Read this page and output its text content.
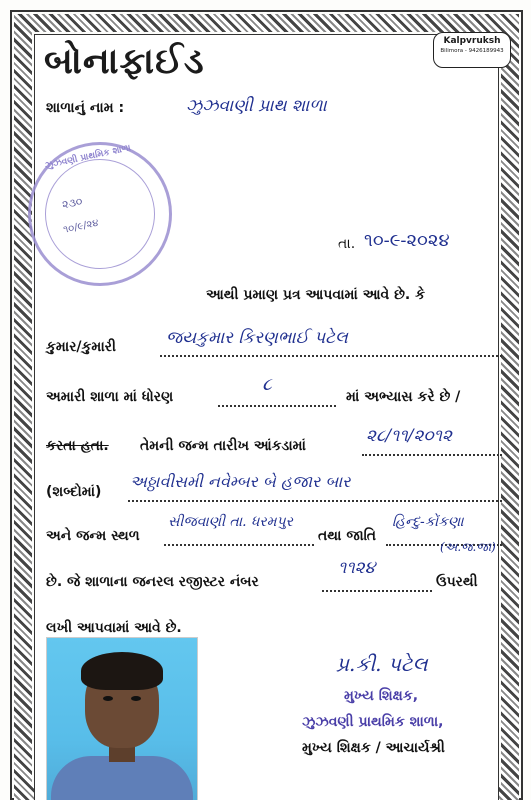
બોનાફાઈડ	Kalpvruksh
Bilimora - 9426189943
શાળાનું નામ :	ઝુઝવાણી પ્રાથ શાળા
ઝુઝવણી પ્રાથમિક શાળા
૨૩૦
૧૦/૯/૨૪
તા. ૧૦-૯-૨૦૨૪
આથી પ્રમાણ પ્રત્ર આપવામાં આવે છે. કે
કુમાર/કુમારી	જયકુમાર કિરણભાઈ પટેલ
અમારી શાળા માં ધોરણ
૮
માં અભ્યાસ કરે છે /
કરતા હતા. તેમની જન્મ તારીખ આંકડામાં	૨૮/૧૧/૨૦૧૨
(શબ્દોમાં)
અઠ્ઠાવીસમી નવેમ્બર બે હજાર બાર
અને જન્મ સ્થળ
સીજવાણી તા. ધરમપુર
તથા જાતિ
હિન્દુ-કોંકણા
(અ.જ.જા)
છે. જે શાળાના જનરલ રજીસ્ટર નંબર
૧૧૨૪
ઉપરથી
લખી આપવામાં આવે છે.
પ્ર.કી. પટેલ
મુખ્ય શિક્ષક,
ઝુઝવણી પ્રાથમિક શાળા,
મુખ્ય શિક્ષક / આચાર્યશ્રી
